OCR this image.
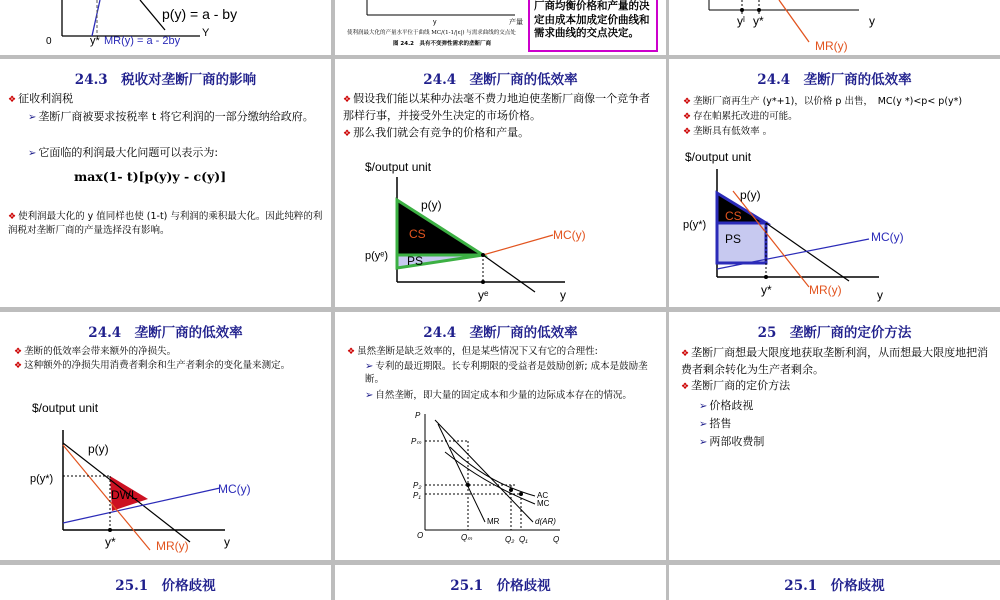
p(y) = a - by
0	y* MR(y) = a - 2by
Y
y	产量
使利润最大化的产量水平位于曲线 MC/(1-1/|ε|) 与需求曲线的交点处
图 24.2　具有不变弹性需求的垄断厂商
厂商均衡价格和产量的决定由成本加成定价曲线和需求曲线的交点决定。
yˡ y*	y
MR(y)
24.3　税收对垄断厂商的影响
❖ 征收利润税
➢ 垄断厂商被要求按税率 t 将它利润的一部分缴纳给政府。
➢ 它面临的利润最大化问题可以表示为:
max(1- t)[p(y)y - c(y)]
❖ 使利润最大化的 y 值同样也使 (1-t) 与利润的乘积最大化。因此纯粹的利润税对垄断厂商的产量选择没有影响。
24.4　垄断厂商的低效率
❖ 假设我们能以某种办法毫不费力地迫使垄断厂商像一个竞争者那样行事，并接受外生决定的市场价格。
❖ 那么我们就会有竞争的价格和产量。
$/output unit
p(y)
CS
PS
p(yᵉ)
MC(y)
yᵉ	y
24.4　垄断厂商的低效率
❖ 垄断厂商再生产 (y*+1)，以价格 p 出售，　MC(y *)<p< p(y*)
❖ 存在帕累托改进的可能。
❖ 垄断具有低效率 。
$/output unit
p(y)
CS
PS
p(y*)
MC(y)
y*	MR(y)	y
24.4　垄断厂商的低效率
❖ 垄断的低效率会带来额外的净损失。
❖ 这种额外的净损失用消费者剩余和生产者剩余的变化量来测定。
$/output unit
p(y)
p(y*)
DWL	MC(y)
y*	MR(y)	y
24.4　垄断厂商的低效率
❖ 虽然垄断是缺乏效率的，但是某些情况下又有它的合理性:
➢ 专利的最近期限。长专利期限的受益者是鼓励创新; 成本是鼓励垄断。
➢ 自然垄断，即大量的固定成本和少量的边际成本存在的情况。
P
Pₘ
P₂
P₁
O	Qₘ	Q₂ Q₁	Q
AC
MC
MR	d(AR)
25　垄断厂商的定价方法
❖ 垄断厂商想最大限度地获取垄断利润，从而想最大限度地把消费者剩余转化为生产者剩余。
❖ 垄断厂商的定价方法
➢ 价格歧视
➢ 搭售
➢ 两部收费制
25.1　价格歧视	25.1　价格歧视	25.1　价格歧视
